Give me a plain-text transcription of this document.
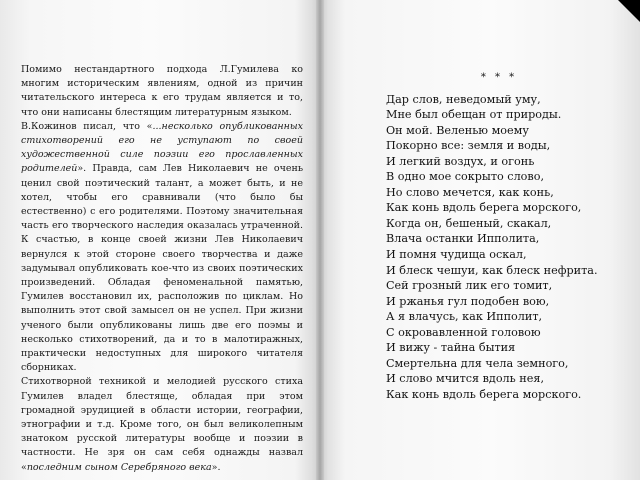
Помимо нестандартного подхода Л.Гумилева ко многим историческим явлениям, одной из причин читательского интереса к его трудам является и то, что они написаны блестящим литературным языком.

В.Кожинов писал, что «...несколько опубликованных стихотворений его не уступают по своей художественной силе поэзии его прославленных родителей». Правда, сам Лев Николаевич не очень ценил свой поэтический талант, а может быть, и не хотел, чтобы его сравнивали (что было бы естественно) с его родителями. Поэтому значительная часть его творческого наследия оказалась утраченной. К счастью, в конце своей жизни Лев Николаевич вернулся к этой стороне своего творчества и даже задумывал опубликовать кое-что из своих поэтических произведений. Обладая феноменальной памятью, Гумилев восстановил их, расположив по циклам. Но выполнить этот свой замысел он не успел. При жизни ученого были опубликованы лишь две его поэмы и несколько стихотворений, да и то в малотиражных, практически недоступных для широкого читателя сборниках.

Стихотворной техникой и мелодией русского стиха Гумилев владел блестяще, обладая при этом громадной эрудицией в области истории, географии, этнографии и т.д. Кроме того, он был великолепным знатоком русской литературы вообще и поэзии в частности. Не зря он сам себя однажды назвал «последним сыном Серебряного века».

* * *
Дар слов, неведомый уму,
Мне был обещан от природы.
Он мой. Веленью моему
Покорно все: земля и воды,
И легкий воздух, и огонь
В одно мое сокрыто слово,
Но слово мечется, как конь,
Как конь вдоль берега морского,
Когда он, бешеный, скакал,
Влача останки Ипполита,
И помня чудища оскал,
И блеск чешуи, как блеск нефрита.
Сей грозный лик его томит,
И ржанья гул подобен вою,
А я влачусь, как Ипполит,
С окровавленной головою
И вижу - тайна бытия
Смертельна для чела земного,
И слово мчится вдоль нея,
Как конь вдоль берега морского.
